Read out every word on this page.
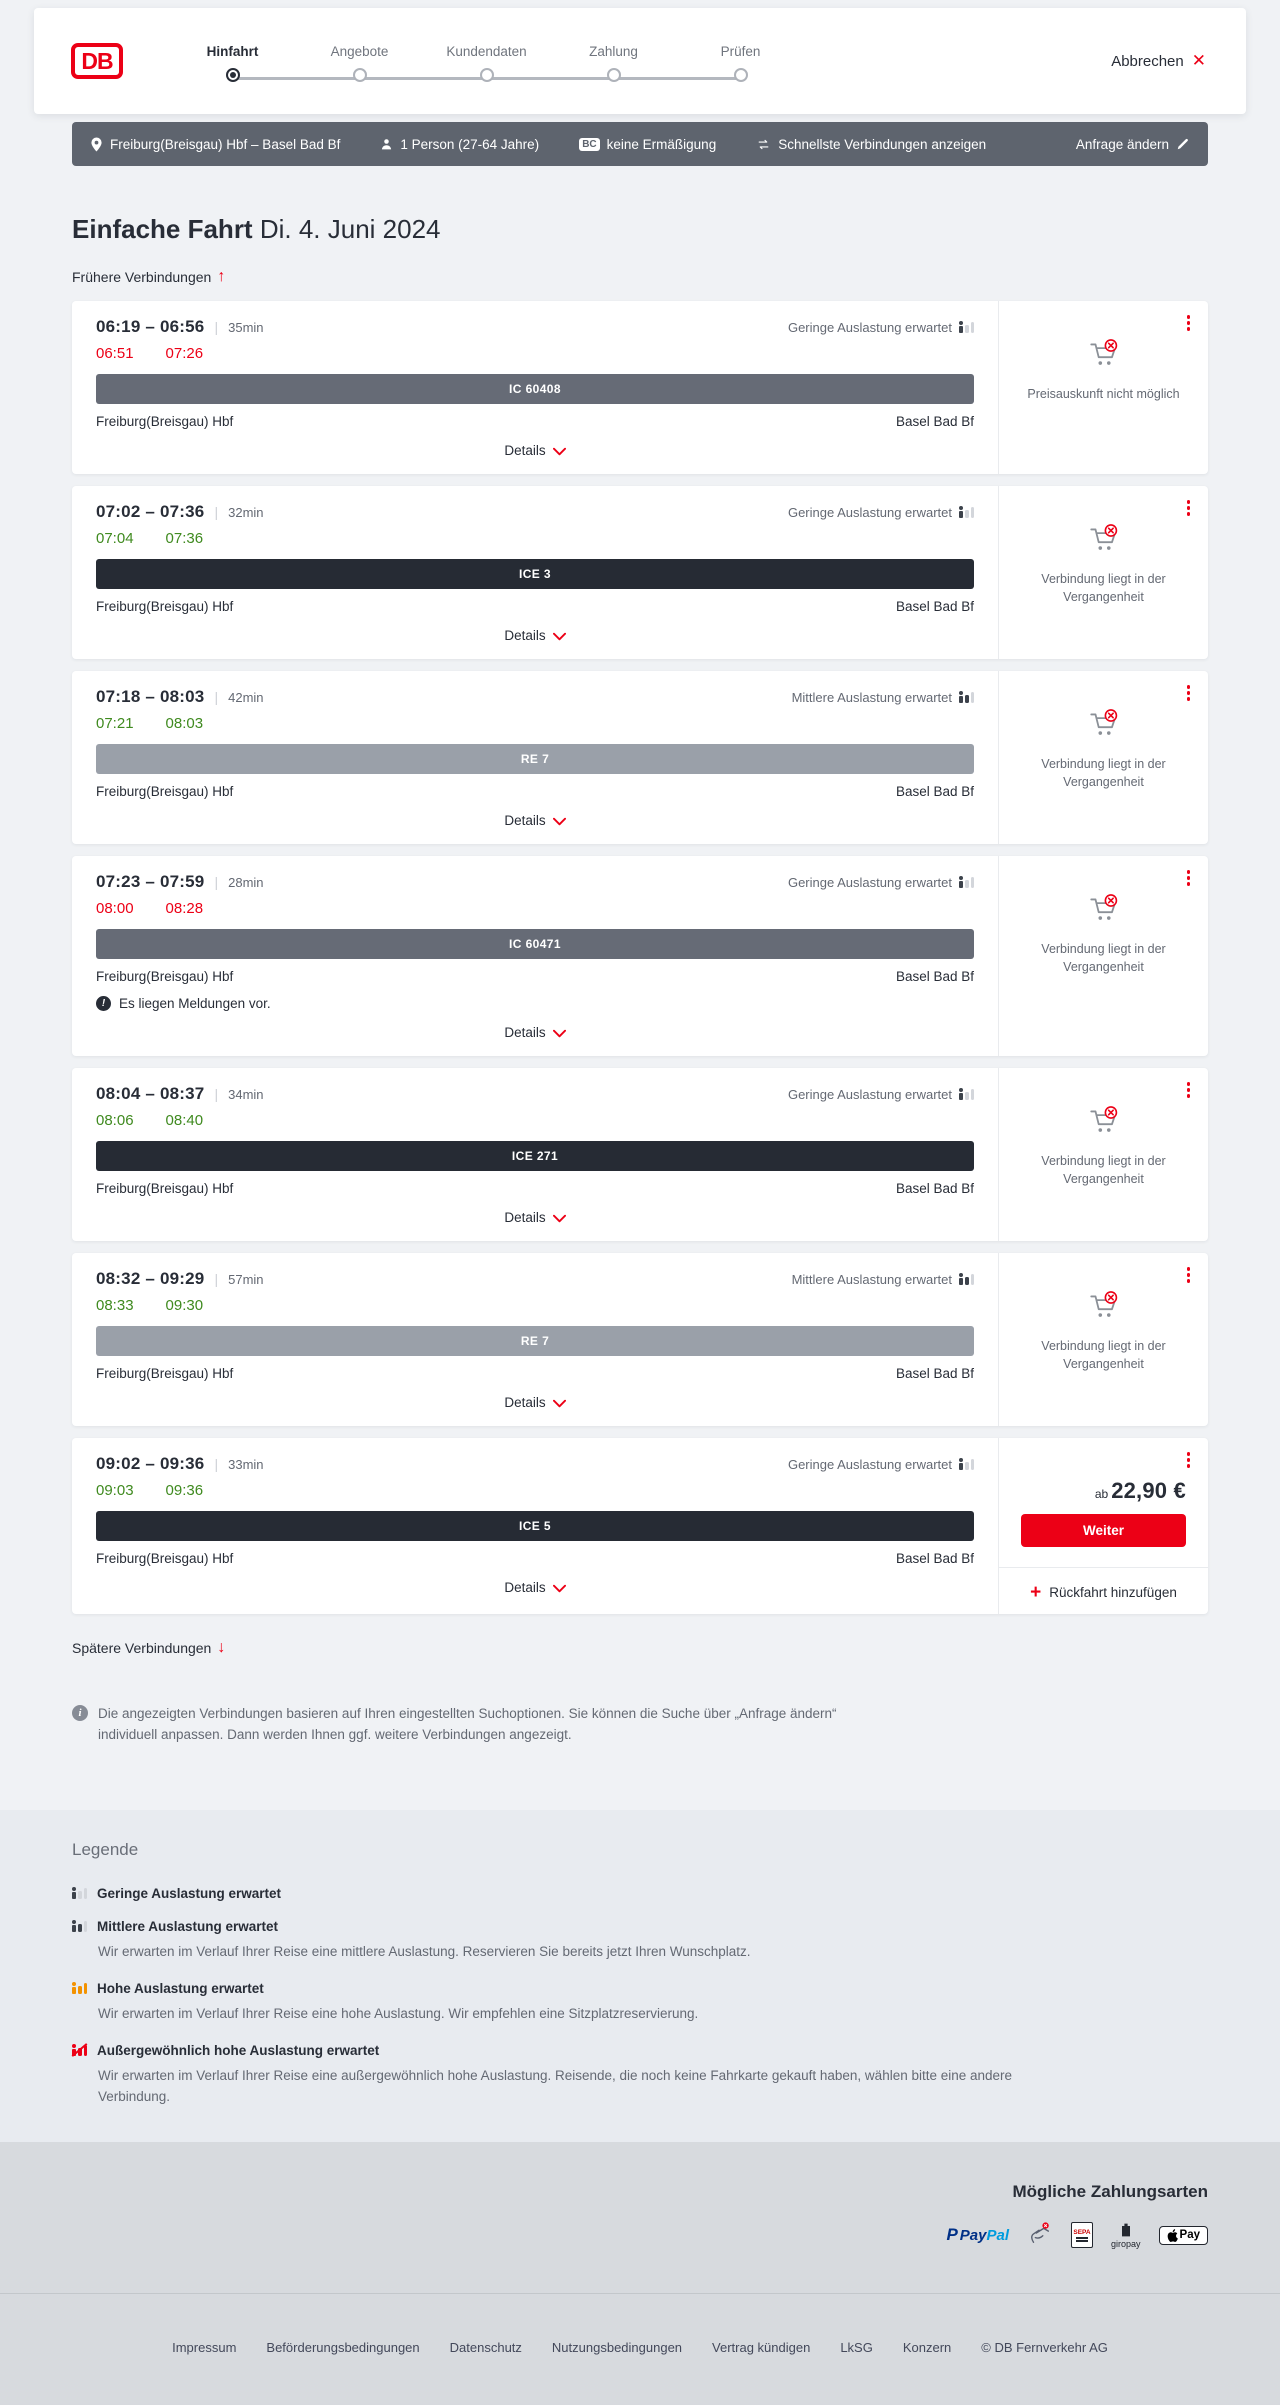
DB	Hinfahrt	Angebote	Kundendaten	Zahlung	Prüfen
Abbrechen ✕
Freiburg(Breisgau) Hbf – Basel Bad Bf	1 Person (27-64 Jahre)	BC keine Ermäßigung	Schnellste Verbindungen anzeigen	Anfrage ändern
Einfache Fahrt Di. 4. Juni 2024
Frühere Verbindungen ↑
06:19 – 06:56 | 35min	Geringe Auslastung erwartet
06:51 07:26
IC 60408
Freiburg(Breisgau) Hbf	Basel Bad Bf
Details

Preisauskunft nicht möglich

07:02 – 07:36 | 32min	Geringe Auslastung erwartet
07:04 07:36
ICE 3
Freiburg(Breisgau) Hbf	Basel Bad Bf
Details

Verbindung liegt in der Vergangenheit

07:18 – 08:03 | 42min	Mittlere Auslastung erwartet
07:21 08:03
RE 7
Freiburg(Breisgau) Hbf	Basel Bad Bf
Details

Verbindung liegt in der Vergangenheit

07:23 – 07:59 | 28min	Geringe Auslastung erwartet
08:00 08:28
IC 60471
Freiburg(Breisgau) Hbf	Basel Bad Bf
!
Es liegen Meldungen vor.
Details

Verbindung liegt in der Vergangenheit

08:04 – 08:37 | 34min	Geringe Auslastung erwartet
08:06 08:40
ICE 271
Freiburg(Breisgau) Hbf	Basel Bad Bf
Details

Verbindung liegt in der Vergangenheit

08:32 – 09:29 | 57min	Mittlere Auslastung erwartet
08:33 09:30
RE 7
Freiburg(Breisgau) Hbf	Basel Bad Bf
Details

Verbindung liegt in der Vergangenheit

09:02 – 09:36 | 33min	Geringe Auslastung erwartet
09:03 09:36
ICE 5
Freiburg(Breisgau) Hbf	Basel Bad Bf
Details
ab 22,90 €
Weiter
+ Rückfahrt hinzufügen
Spätere Verbindungen ↓
i

Die angezeigten Verbindungen basieren auf Ihren eingestellten Suchoptionen. Sie können die Suche über „Anfrage ändern“ individuell anpassen. Dann werden Ihnen ggf. weitere Verbindungen angezeigt.

Legende
Geringe Auslastung erwartet
Mittlere Auslastung erwartet

Wir erwarten im Verlauf Ihrer Reise eine mittlere Auslastung. Reservieren Sie bereits jetzt Ihren Wunschplatz.

Hohe Auslastung erwartet

Wir erwarten im Verlauf Ihrer Reise eine hohe Auslastung. Wir empfehlen eine Sitzplatzreservierung.

Außergewöhnlich hohe Auslastung erwartet

Wir erwarten im Verlauf Ihrer Reise eine außergewöhnlich hohe Auslastung. Reisende, die noch keine Fahrkarte gekauft haben, wählen bitte eine andere Verbindung.

Mögliche Zahlungsarten
P Pay Pal	SEPA
giropay
Pay
Impressum Beförderungsbedingungen Datenschutz Nutzungsbedingungen Vertrag kündigen LkSG Konzern © DB Fernverkehr AG
